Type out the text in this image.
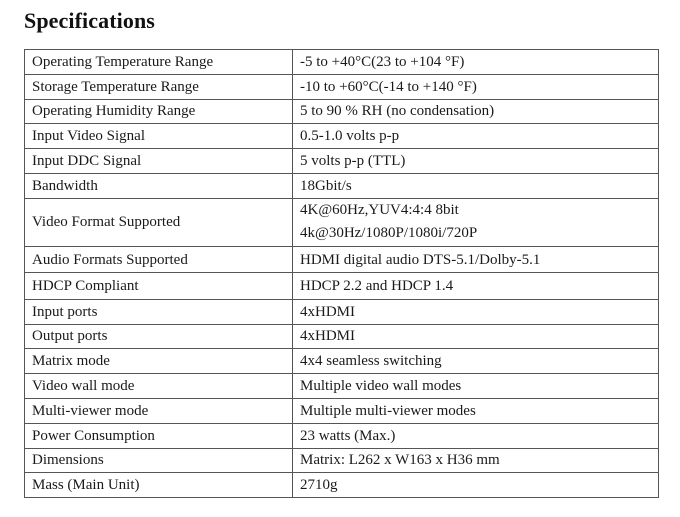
Specifications
Operating Temperature Range	-5 to +40°C(23 to +104 °F)
Storage Temperature Range	-10 to +60°C(-14 to +140 °F)
Operating Humidity Range	5 to 90 % RH (no condensation)
Input Video Signal	0.5-1.0 volts p-p
Input DDC Signal	5 volts p-p (TTL)
Bandwidth	18Gbit/s
Video Format Supported	4K@60Hz,YUV4:4:4 8bit
4k@30Hz/1080P/1080i/720P

Audio Formats Supported	HDMI digital audio DTS-5.1/Dolby-5.1
HDCP Compliant	HDCP 2.2 and HDCP 1.4
Input ports	4xHDMI
Output ports	4xHDMI
Matrix mode	4x4 seamless switching
Video wall mode	Multiple video wall modes
Multi-viewer mode	Multiple multi-viewer modes
Power Consumption	23 watts (Max.)
Dimensions	Matrix: L262 x W163 x H36 mm
Mass (Main Unit)	2710g
